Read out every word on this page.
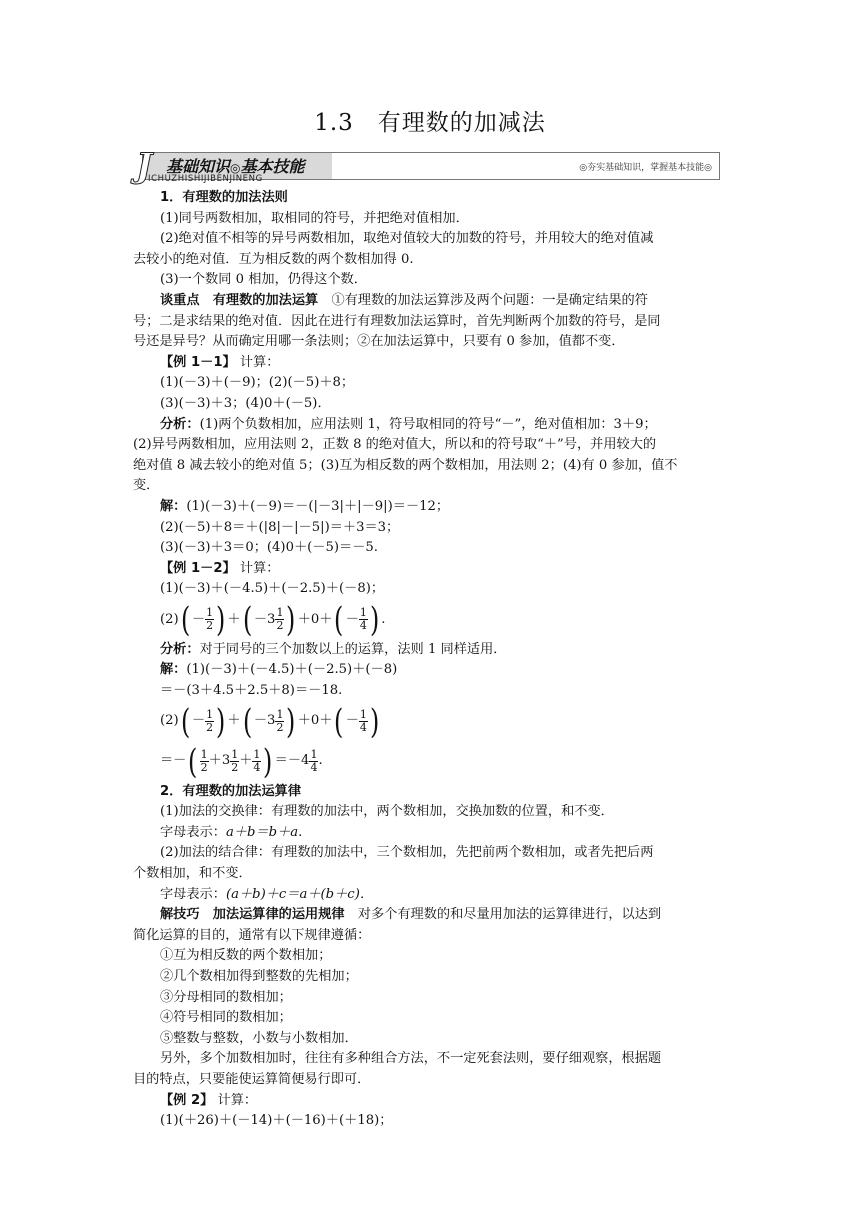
1.3　有理数的加减法
J 基础知识◎基本技能
ICHUZHISHIJIBENJINENG
◎夯实基础知识，掌握基本技能◎
1．有理数的加法法则
(1)同号两数相加，取相同的符号，并把绝对值相加．
(2)绝对值不相等的异号两数相加，取绝对值较大的加数的符号，并用较大的绝对值减
去较小的绝对值．互为相反数的两个数相加得 0.
(3)一个数同 0 相加，仍得这个数．
谈重点　有理数的加法运算　 ①有理数的加法运算涉及两个问题：一是确定结果的符
号；二是求结果的绝对值．因此在进行有理数加法运算时，首先判断两个加数的符号，是同
号还是异号？从而确定用哪一条法则；②在加法运算中，只要有 0 参加，值都不变．
【例 1－1】 计算：
(1)(－3)＋(－9)；(2)(－5)＋8；
(3)(－3)＋3；(4)0＋(－5)．
分析：(1)两个负数相加，应用法则 1，符号取相同的符号“－”，绝对值相加：3＋9；
(2)异号两数相加，应用法则 2，正数 8 的绝对值大，所以和的符号取“＋”号，并用较大的
绝对值 8 减去较小的绝对值 5；(3)互为相反数的两个数相加，用法则 2；(4)有 0 参加，值不
变．
解：(1)(－3)＋(－9)＝－(|－3|＋|－9|)＝－12；
(2)(－5)＋8＝＋(|8|－|－5|)＝＋3＝3；
(3)(－3)＋3＝0；(4)0＋(－5)＝－5.
【例 1－2】 计算：
(1)(－3)＋(－4.5)＋(－2.5)＋(－8)；
(2) ( － $\frac{1}{2}$ ) ＋ ( $-3 \frac{1}{2}$ ) ＋0＋ ( － $\frac{1}{4}$ ) .
分析：对于同号的三个加数以上的运算，法则 1 同样适用．
解：(1)(－3)＋(－4.5)＋(－2.5)＋(－8)
＝－(3＋4.5＋2.5＋8)＝－18.
(2) ( － $\frac{1}{2}$ ) ＋ ( $-3 \frac{1}{2}$ ) ＋0＋ ( － $\frac{1}{4}$ )
＝－ ( $\frac{1}{2} +3 \frac{1}{2} + \frac{1}{4}$ ) $=-4 \frac{1}{4}$ .
2．有理数的加法运算律
(1)加法的交换律：有理数的加法中，两个数相加，交换加数的位置，和不变．
字母表示：a＋b＝b＋a.
(2)加法的结合律：有理数的加法中，三个数相加，先把前两个数相加，或者先把后两
个数相加，和不变．
字母表示：(a＋b)＋c＝a＋(b＋c)．
解技巧　加法运算律的运用规律　对多个有理数的和尽量用加法的运算律进行，以达到
简化运算的目的，通常有以下规律遵循：
①互为相反数的两个数相加；
②几个数相加得到整数的先相加；
③分母相同的数相加；
④符号相同的数相加；
⑤整数与整数，小数与小数相加．
另外，多个加数相加时，往往有多种组合方法，不一定死套法则，要仔细观察，根据题
目的特点，只要能使运算简便易行即可．
【例 2】 计算：
(1)(＋26)＋(－14)＋(－16)＋(＋18)；
